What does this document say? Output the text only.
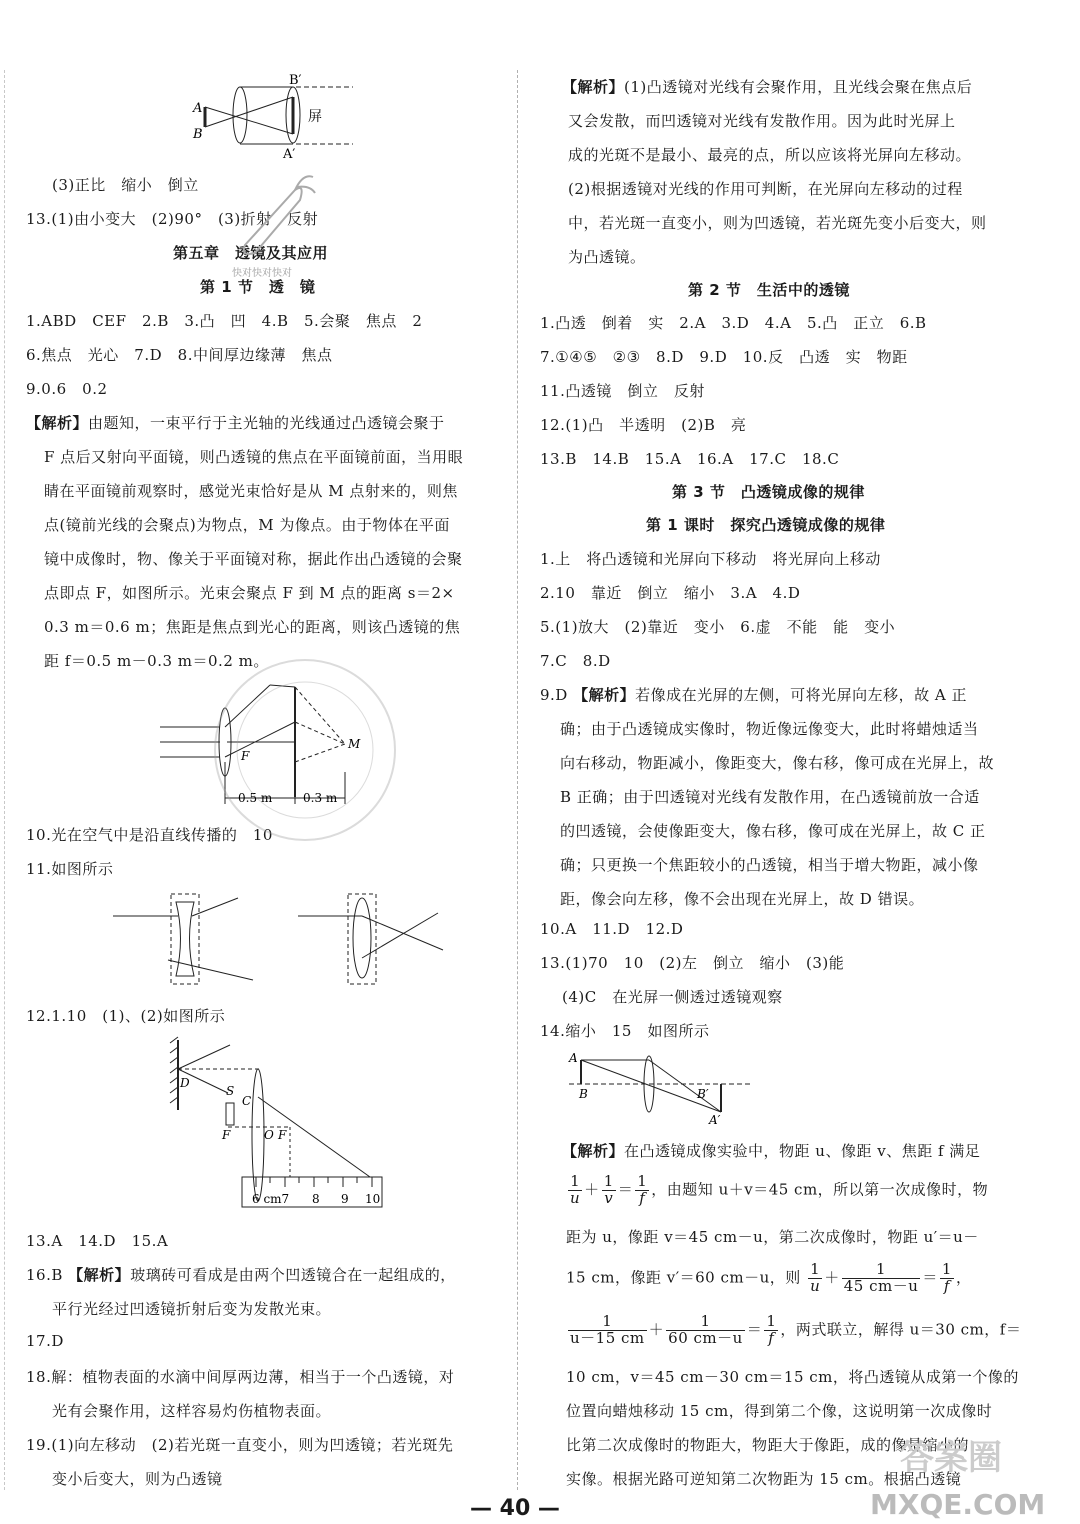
B′
A
B
A′
屏
(3)正比　缩小　倒立
13.(1)由小变大　(2)90°　(3)折射　反射
第五章　透镜及其应用
第 1 节　透　镜
1.ABD　CEF　2.B　3.凸　凹　4.B　5.会聚　焦点　2
6.焦点　光心　7.D　8.中间厚边缘薄　焦点
9.0.6　0.2
【解析】由题知，一束平行于主光轴的光线通过凸透镜会聚于
F 点后又射向平面镜，则凸透镜的焦点在平面镜前面，当用眼
睛在平面镜前观察时，感觉光束恰好是从 M 点射来的，则焦
点(镜前光线的会聚点)为物点，M 为像点。由于物体在平面
镜中成像时，物、像关于平面镜对称，据此作出凸透镜的会聚
点即点 F，如图所示。光束会聚点 F 到 M 点的距离 s＝2×
0.3 m＝0.6 m；焦距是焦点到光心的距离，则该凸透镜的焦
距 f＝0.5 m－0.3 m＝0.2 m。
F
M
0.5 m	0.3 m
10.光在空气中是沿直线传播的　10
11.如图所示
12.1.10　(1)、(2)如图所示
D
S
C
F	O F
6 cm7 8 9 10
13.A　14.D　15.A
16.B 【解析】玻璃砖可看成是由两个凹透镜合在一起组成的，
平行光经过凹透镜折射后变为发散光束。
17.D
18.解：植物表面的水滴中间厚两边薄，相当于一个凸透镜，对
光有会聚作用，这样容易灼伤植物表面。
19.(1)向左移动　(2)若光斑一直变小，则为凹透镜；若光斑先
变小后变大，则为凸透镜
【解析】(1)凸透镜对光线有会聚作用，且光线会聚在焦点后
又会发散，而凹透镜对光线有发散作用。因为此时光屏上
成的光斑不是最小、最亮的点，所以应该将光屏向左移动。
(2)根据透镜对光线的作用可判断，在光屏向左移动的过程
中，若光斑一直变小，则为凹透镜，若光斑先变小后变大，则
为凸透镜。
第 2 节　生活中的透镜
1.凸透　倒着　实　2.A　3.D　4.A　5.凸　正立　6.B
7.①④⑤　②③　8.D　9.D　10.反　凸透　实　物距
11.凸透镜　倒立　反射
12.(1)凸　半透明　(2)B　亮
13.B　14.B　15.A　16.A　17.C　18.C
第 3 节　凸透镜成像的规律
第 1 课时　探究凸透镜成像的规律
1.上　将凸透镜和光屏向下移动　将光屏向上移动
2.10　靠近　倒立　缩小　3.A　4.D
5.(1)放大　(2)靠近　变小　6.虚　不能　能　变小
7.C　8.D
9.D 【解析】若像成在光屏的左侧，可将光屏向左移，故 A 正
确；由于凸透镜成实像时，物近像远像变大，此时将蜡烛适当
向右移动，物距减小，像距变大，像右移，像可成在光屏上，故
B 正确；由于凹透镜对光线有发散作用，在凸透镜前放一合适
的凹透镜，会使像距变大，像右移，像可成在光屏上，故 C 正
确；只更换一个焦距较小的凸透镜，相当于增大物距，减小像
距，像会向左移，像不会出现在光屏上，故 D 错误。
10.A　11.D　12.D
13.(1)70　10　(2)左　倒立　缩小　(3)能
(4)C　在光屏一侧透过透镜观察
14.缩小　15　如图所示
A
B	B′
A′
【解析】在凸透镜成像实验中，物距 u、像距 v、焦距 f 满足
$\frac{1}{u} + \frac{1}{v} = \frac{1}{f}$ ，由题知 u＋v＝45 cm，所以第一次成像时，物
距为 u，像距 v＝45 cm－u，第二次成像时，物距 u′＝u－
15 cm，像距 v′＝60 cm－u，则 $\frac{1}{u} + \frac{1}{45 cm-u} = \frac{1}{f}$ ，
$\frac{1}{u-15 cm} + \frac{1}{60 cm-u} = \frac{1}{f}$ ，两式联立，解得 u＝30 cm，f＝
10 cm，v＝45 cm－30 cm＝15 cm，将凸透镜从成第一个像的
位置向蜡烛移动 15 cm，得到第二个像，这说明第一次成像时
比第二次成像时的物距大，物距大于像距，成的像是缩小的
实像。根据光路可逆知第二次物距为 15 cm。根据凸透镜
快对快对快对
MXQE.COM
答案圈
— 40 —
